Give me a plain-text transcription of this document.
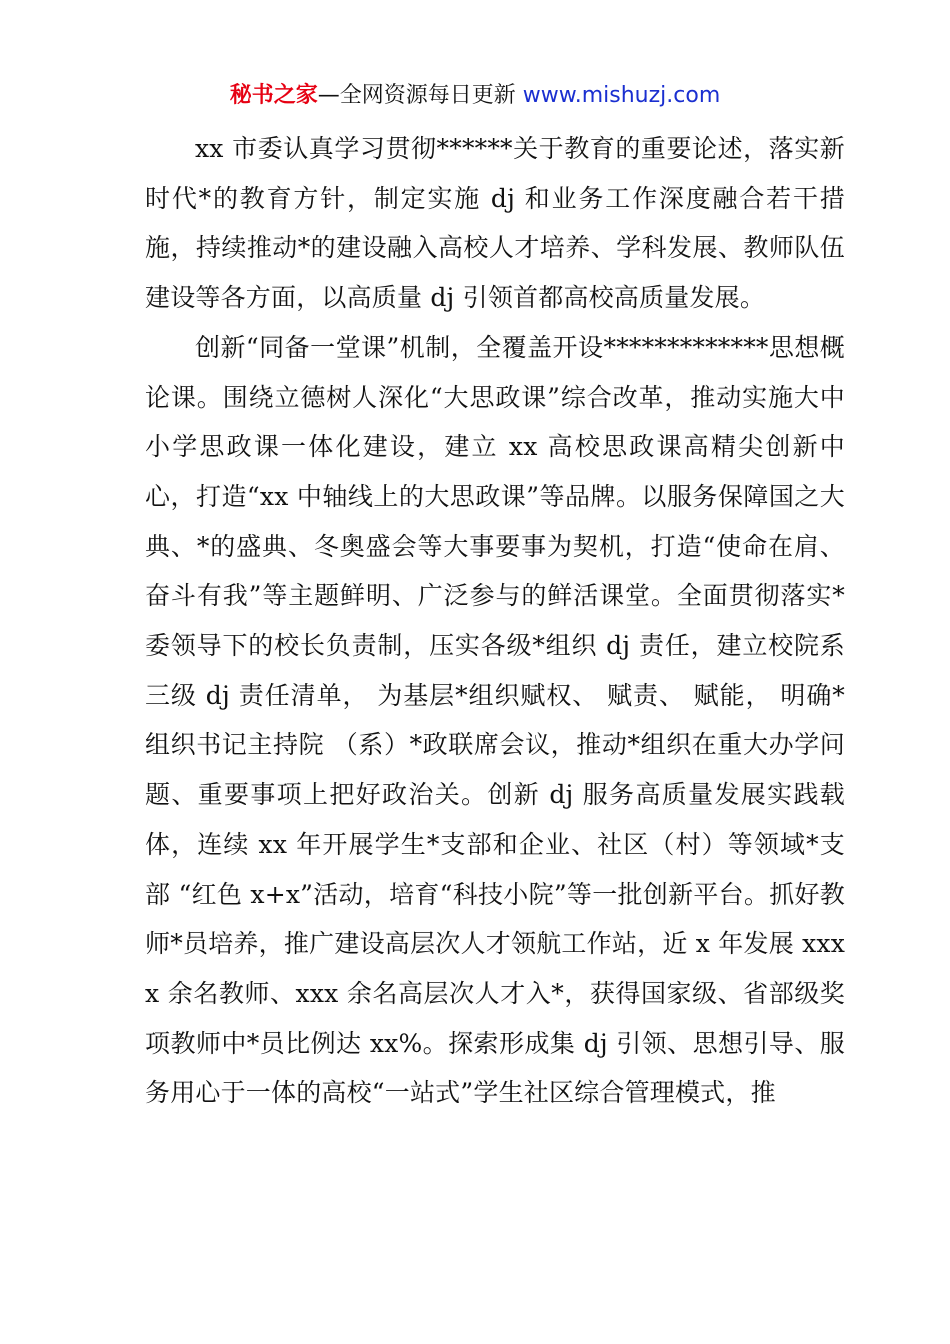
秘书之家—全网资源每日更新 www.mishuzj.com

xx 市委认真学习贯彻******关于教育的重要论述，落实新时代*的教育方针，制定实施 dj 和业务工作深度融合若干措施，持续推动*的建设融入高校人才培养、学科发展、教师队伍建设等各方面，以高质量 dj 引领首都高校高质量发展。

创新“同备一堂课”机制，全覆盖开设*************思想概论课。围绕立德树人深化“大思政课”综合改革，推动实施大中小学思政课一体化建设，建立 xx 高校思政课高精尖创新中心，打造“xx 中轴线上的大思政课”等品牌。以服务保障国之大典、*的盛典、冬奥盛会等大事要事为契机，打造“使命在肩、奋斗有我”等主题鲜明、广泛参与的鲜活课堂。全面贯彻落实*委领导下的校长负责制，压实各级*组织 dj 责任，建立校院系三级 dj 责任清单， 为基层*组织赋权、 赋责、 赋能， 明确*组织书记主持院 （系）*政联席会议，推动*组织在重大办学问题、重要事项上把好政治关。创新 dj 服务高质量发展实践载体，连续 xx 年开展学生*支部和企业、社区（村）等领域*支部 “红色 x+x”活动，培育“科技小院”等一批创新平台。抓好教师*员培养，推广建设高层次人才领航工作站，近 x 年发展 xxxx 余名教师、xxx 余名高层次人才入*，获得国家级、省部级奖项教师中*员比例达 xx%。探索形成集 dj 引领、思想引导、服务用心于一体的高校“一站式”学生社区综合管理模式，推
